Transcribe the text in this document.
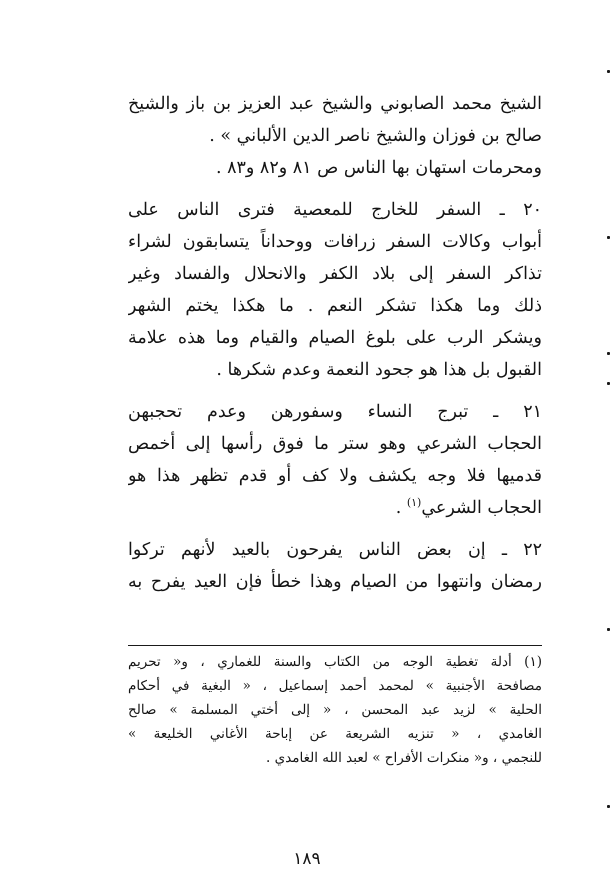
الشيخ محمد الصابوني والشيخ عبد العزيز بن باز والشيخ
صالح بن فوزان والشيخ ناصر الدين الألباني » .
ومحرمات استهان بها الناس ص ٨١ و٨٢ و٨٣ .
٢٠ ـ السفر للخارج للمعصية فترى الناس على
أبواب وكالات السفر زرافات ووحداناً يتسابقون لشراء
تذاكر السفر إلى بلاد الكفر والانحلال والفساد وغير
ذلك وما هكذا تشكر النعم . ما هكذا يختم الشهر
ويشكر الرب على بلوغ الصيام والقيام وما هذه علامة
القبول بل هذا هو جحود النعمة وعدم شكرها .
٢١ ـ تبرج النساء وسفورهن وعدم تحجبهن
الحجاب الشرعي وهو ستر ما فوق رأسها إلى أخمص
قدميها فلا وجه يكشف ولا كف أو قدم تظهر هذا هو
الحجاب الشرعي$^{(١)}$ .
٢٢ ـ إن بعض الناس يفرحون بالعيد لأنهم تركوا
رمضان وانتهوا من الصيام وهذا خطأ فإن العيد يفرح به
(١) أدلة تغطية الوجه من الكتاب والسنة للغماري ، و« تحريم
مصافحة الأجنبية » لمحمد أحمد إسماعيل ، « البغية في أحكام
الحلية » لزيد عبد المحسن ، « إلى أختي المسلمة » صالح
الغامدي ، « تنزيه الشريعة عن إباحة الأغاني الخليعة »
للنجمي ، و« منكرات الأفراح » لعبد الله الغامدي .
١٨٩
